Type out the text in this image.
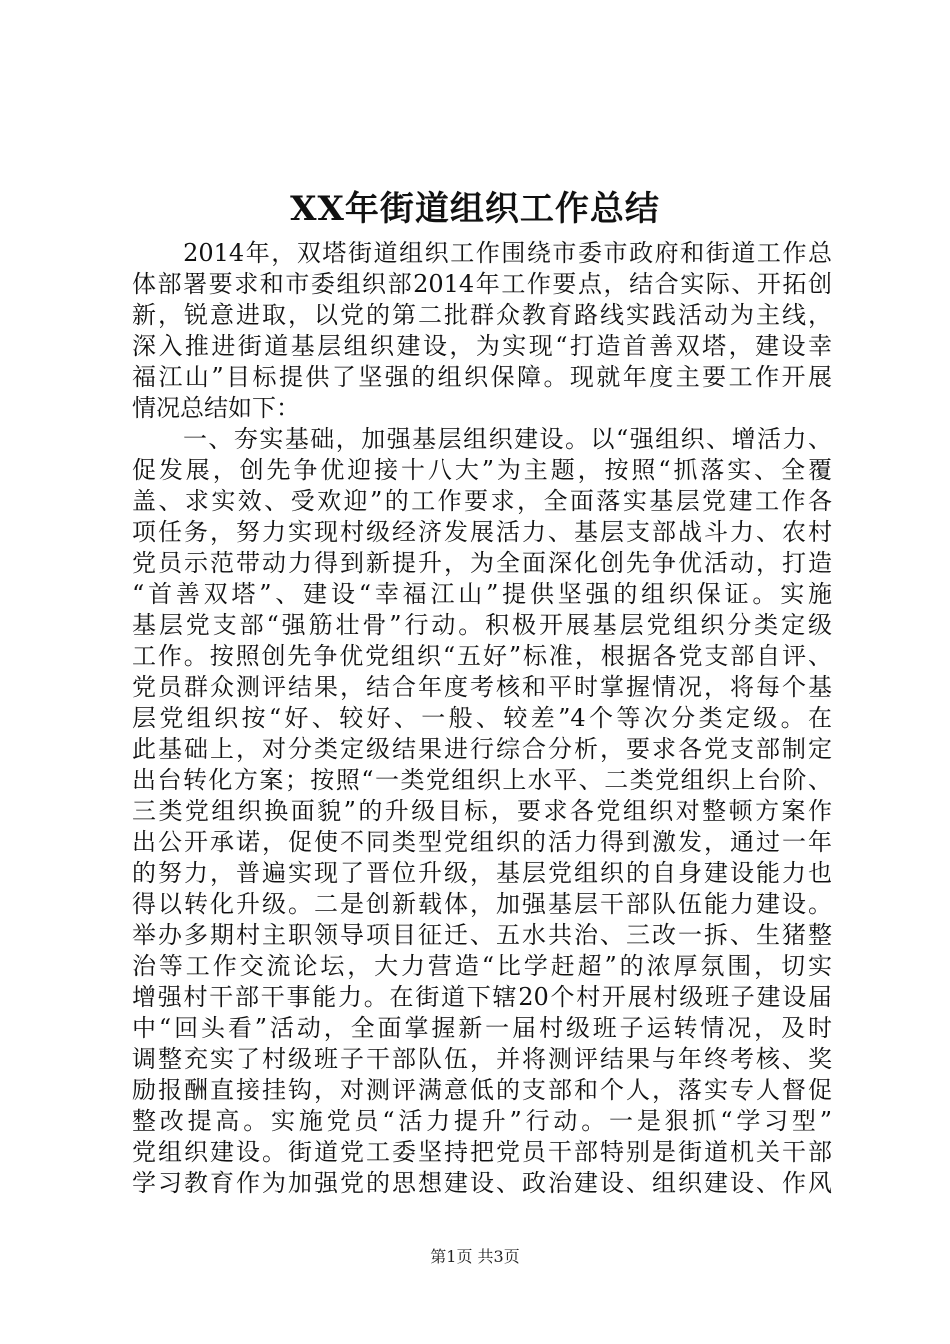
XX年街道组织工作总结
　　2014年，双塔街道组织工作围绕市委市政府和街道工作总
体部署要求和市委组织部2014年工作要点，结合实际、开拓创
新，锐意进取，以党的第二批群众教育路线实践活动为主线，
深入推进街道基层组织建设，为实现“打造首善双塔，建设幸
福江山”目标提供了坚强的组织保障。现就年度主要工作开展
情况总结如下：
　　一、夯实基础，加强基层组织建设。以“强组织、增活力、
促发展，创先争优迎接十八大”为主题，按照“抓落实、全覆
盖、求实效、受欢迎”的工作要求，全面落实基层党建工作各
项任务，努力实现村级经济发展活力、基层支部战斗力、农村
党员示范带动力得到新提升，为全面深化创先争优活动，打造
“首善双塔”、建设“幸福江山”提供坚强的组织保证。实施
基层党支部“强筋壮骨”行动。积极开展基层党组织分类定级
工作。按照创先争优党组织“五好”标准，根据各党支部自评、
党员群众测评结果，结合年度考核和平时掌握情况，将每个基
层党组织按“好、较好、一般、较差”4个等次分类定级。在
此基础上，对分类定级结果进行综合分析，要求各党支部制定
出台转化方案；按照“一类党组织上水平、二类党组织上台阶、
三类党组织换面貌”的升级目标，要求各党组织对整顿方案作
出公开承诺，促使不同类型党组织的活力得到激发，通过一年
的努力，普遍实现了晋位升级，基层党组织的自身建设能力也
得以转化升级。二是创新载体，加强基层干部队伍能力建设。
举办多期村主职领导项目征迁、五水共治、三改一拆、生猪整
治等工作交流论坛，大力营造“比学赶超”的浓厚氛围，切实
增强村干部干事能力。在街道下辖20个村开展村级班子建设届
中“回头看”活动，全面掌握新一届村级班子运转情况，及时
调整充实了村级班子干部队伍，并将测评结果与年终考核、奖
励报酬直接挂钩，对测评满意低的支部和个人，落实专人督促
整改提高。实施党员“活力提升”行动。一是狠抓“学习型”
党组织建设。街道党工委坚持把党员干部特别是街道机关干部
学习教育作为加强党的思想建设、政治建设、组织建设、作风
第1页 共3页
